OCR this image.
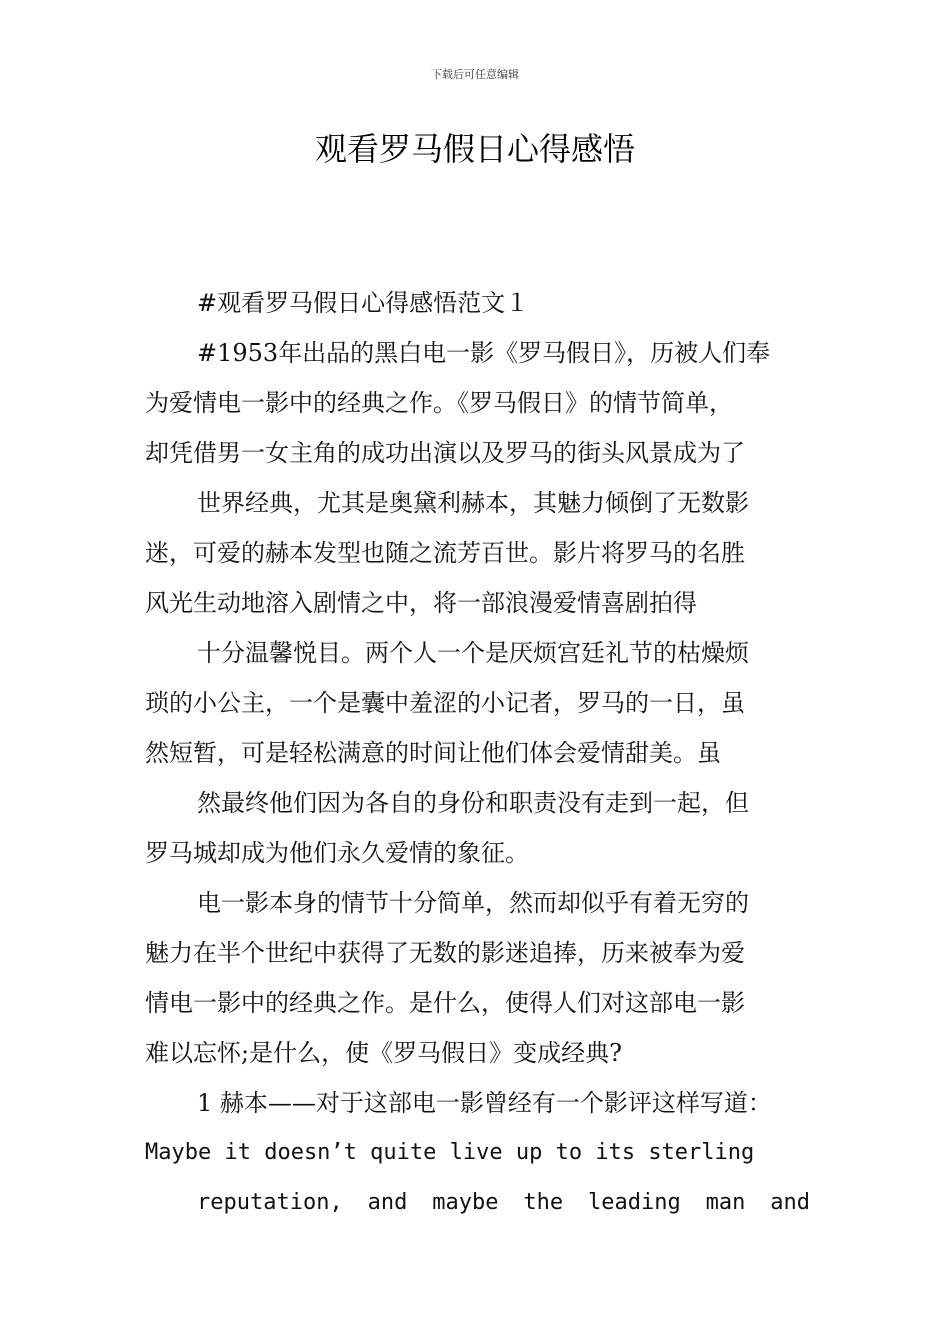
下载后可任意编辑
观看罗马假日心得感悟
#观看罗马假日心得感悟范文１
#1953年出品的黑白电一影《罗马假日》，历被人们奉
为爱情电一影中的经典之作。《罗马假日》的情节简单，
却凭借男一女主角的成功出演以及罗马的街头风景成为了
世界经典，尤其是奥黛利赫本，其魅力倾倒了无数影
迷，可爱的赫本发型也随之流芳百世。影片将罗马的名胜
风光生动地溶入剧情之中，将一部浪漫爱情喜剧拍得
十分温馨悦目。两个人一个是厌烦宫廷礼节的枯燥烦
琐的小公主，一个是囊中羞涩的小记者，罗马的一日，虽
然短暂，可是轻松满意的时间让他们体会爱情甜美。虽
然最终他们因为各自的身份和职责没有走到一起，但
罗马城却成为他们永久爱情的象征。
电一影本身的情节十分简单，然而却似乎有着无穷的
魅力在半个世纪中获得了无数的影迷追捧，历来被奉为爱
情电一影中的经典之作。是什么，使得人们对这部电一影
难以忘怀;是什么，使《罗马假日》变成经典?
1 赫本——对于这部电一影曾经有一个影评这样写道：
Maybe it doesn’t quite live up to its sterling
reputation, and maybe the leading man and
